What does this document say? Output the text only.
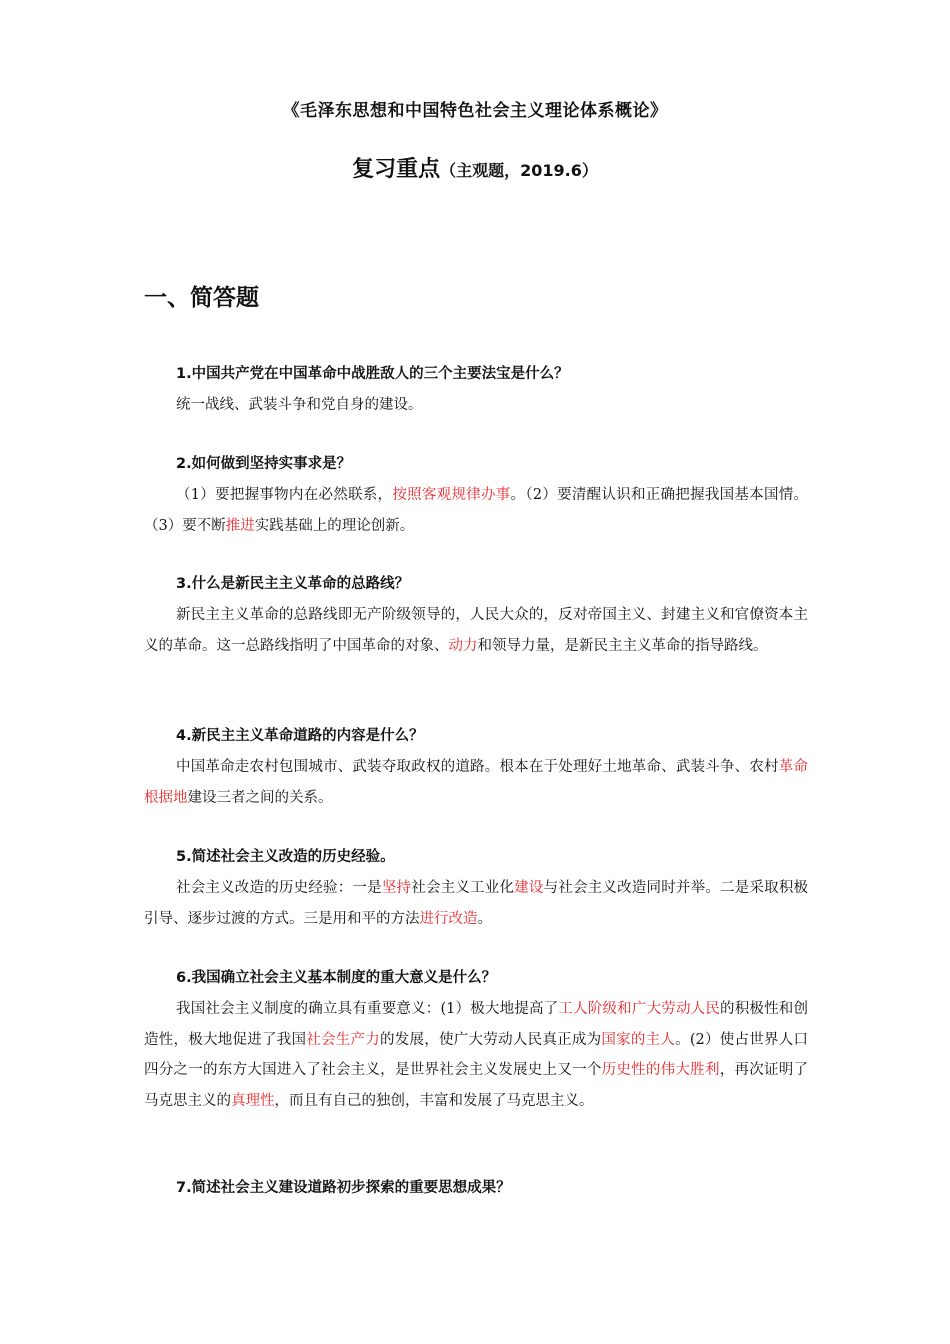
《毛泽东思想和中国特色社会主义理论体系概论》
复习重点（主观题，2019.6）
一、简答题
1.中国共产党在中国革命中战胜敌人的三个主要法宝是什么？
统一战线、武装斗争和党自身的建设。
2.如何做到坚持实事求是？
（1）要把握事物内在必然联系，按照客观规律办事。（2）要清醒认识和正确把握我国基本国情。（3）要不断推进实践基础上的理论创新。
3.什么是新民主主义革命的总路线？
新民主主义革命的总路线即无产阶级领导的，人民大众的，反对帝国主义、封建主义和官僚资本主义的革命。这一总路线指明了中国革命的对象、动力和领导力量，是新民主主义革命的指导路线。
4.新民主主义革命道路的内容是什么？
中国革命走农村包围城市、武装夺取政权的道路。根本在于处理好土地革命、武装斗争、农村革命根据地建设三者之间的关系。
5.简述社会主义改造的历史经验。
社会主义改造的历史经验：一是坚持社会主义工业化建设与社会主义改造同时并举。二是采取积极引导、逐步过渡的方式。三是用和平的方法进行改造。
6.我国确立社会主义基本制度的重大意义是什么？
我国社会主义制度的确立具有重要意义：(1）极大地提高了工人阶级和广大劳动人民的积极性和创造性，极大地促进了我国社会生产力的发展，使广大劳动人民真正成为国家的主人。(2）使占世界人口四分之一的东方大国进入了社会主义，是世界社会主义发展史上又一个历史性的伟大胜利，再次证明了马克思主义的真理性，而且有自己的独创，丰富和发展了马克思主义。
7.简述社会主义建设道路初步探索的重要思想成果？
